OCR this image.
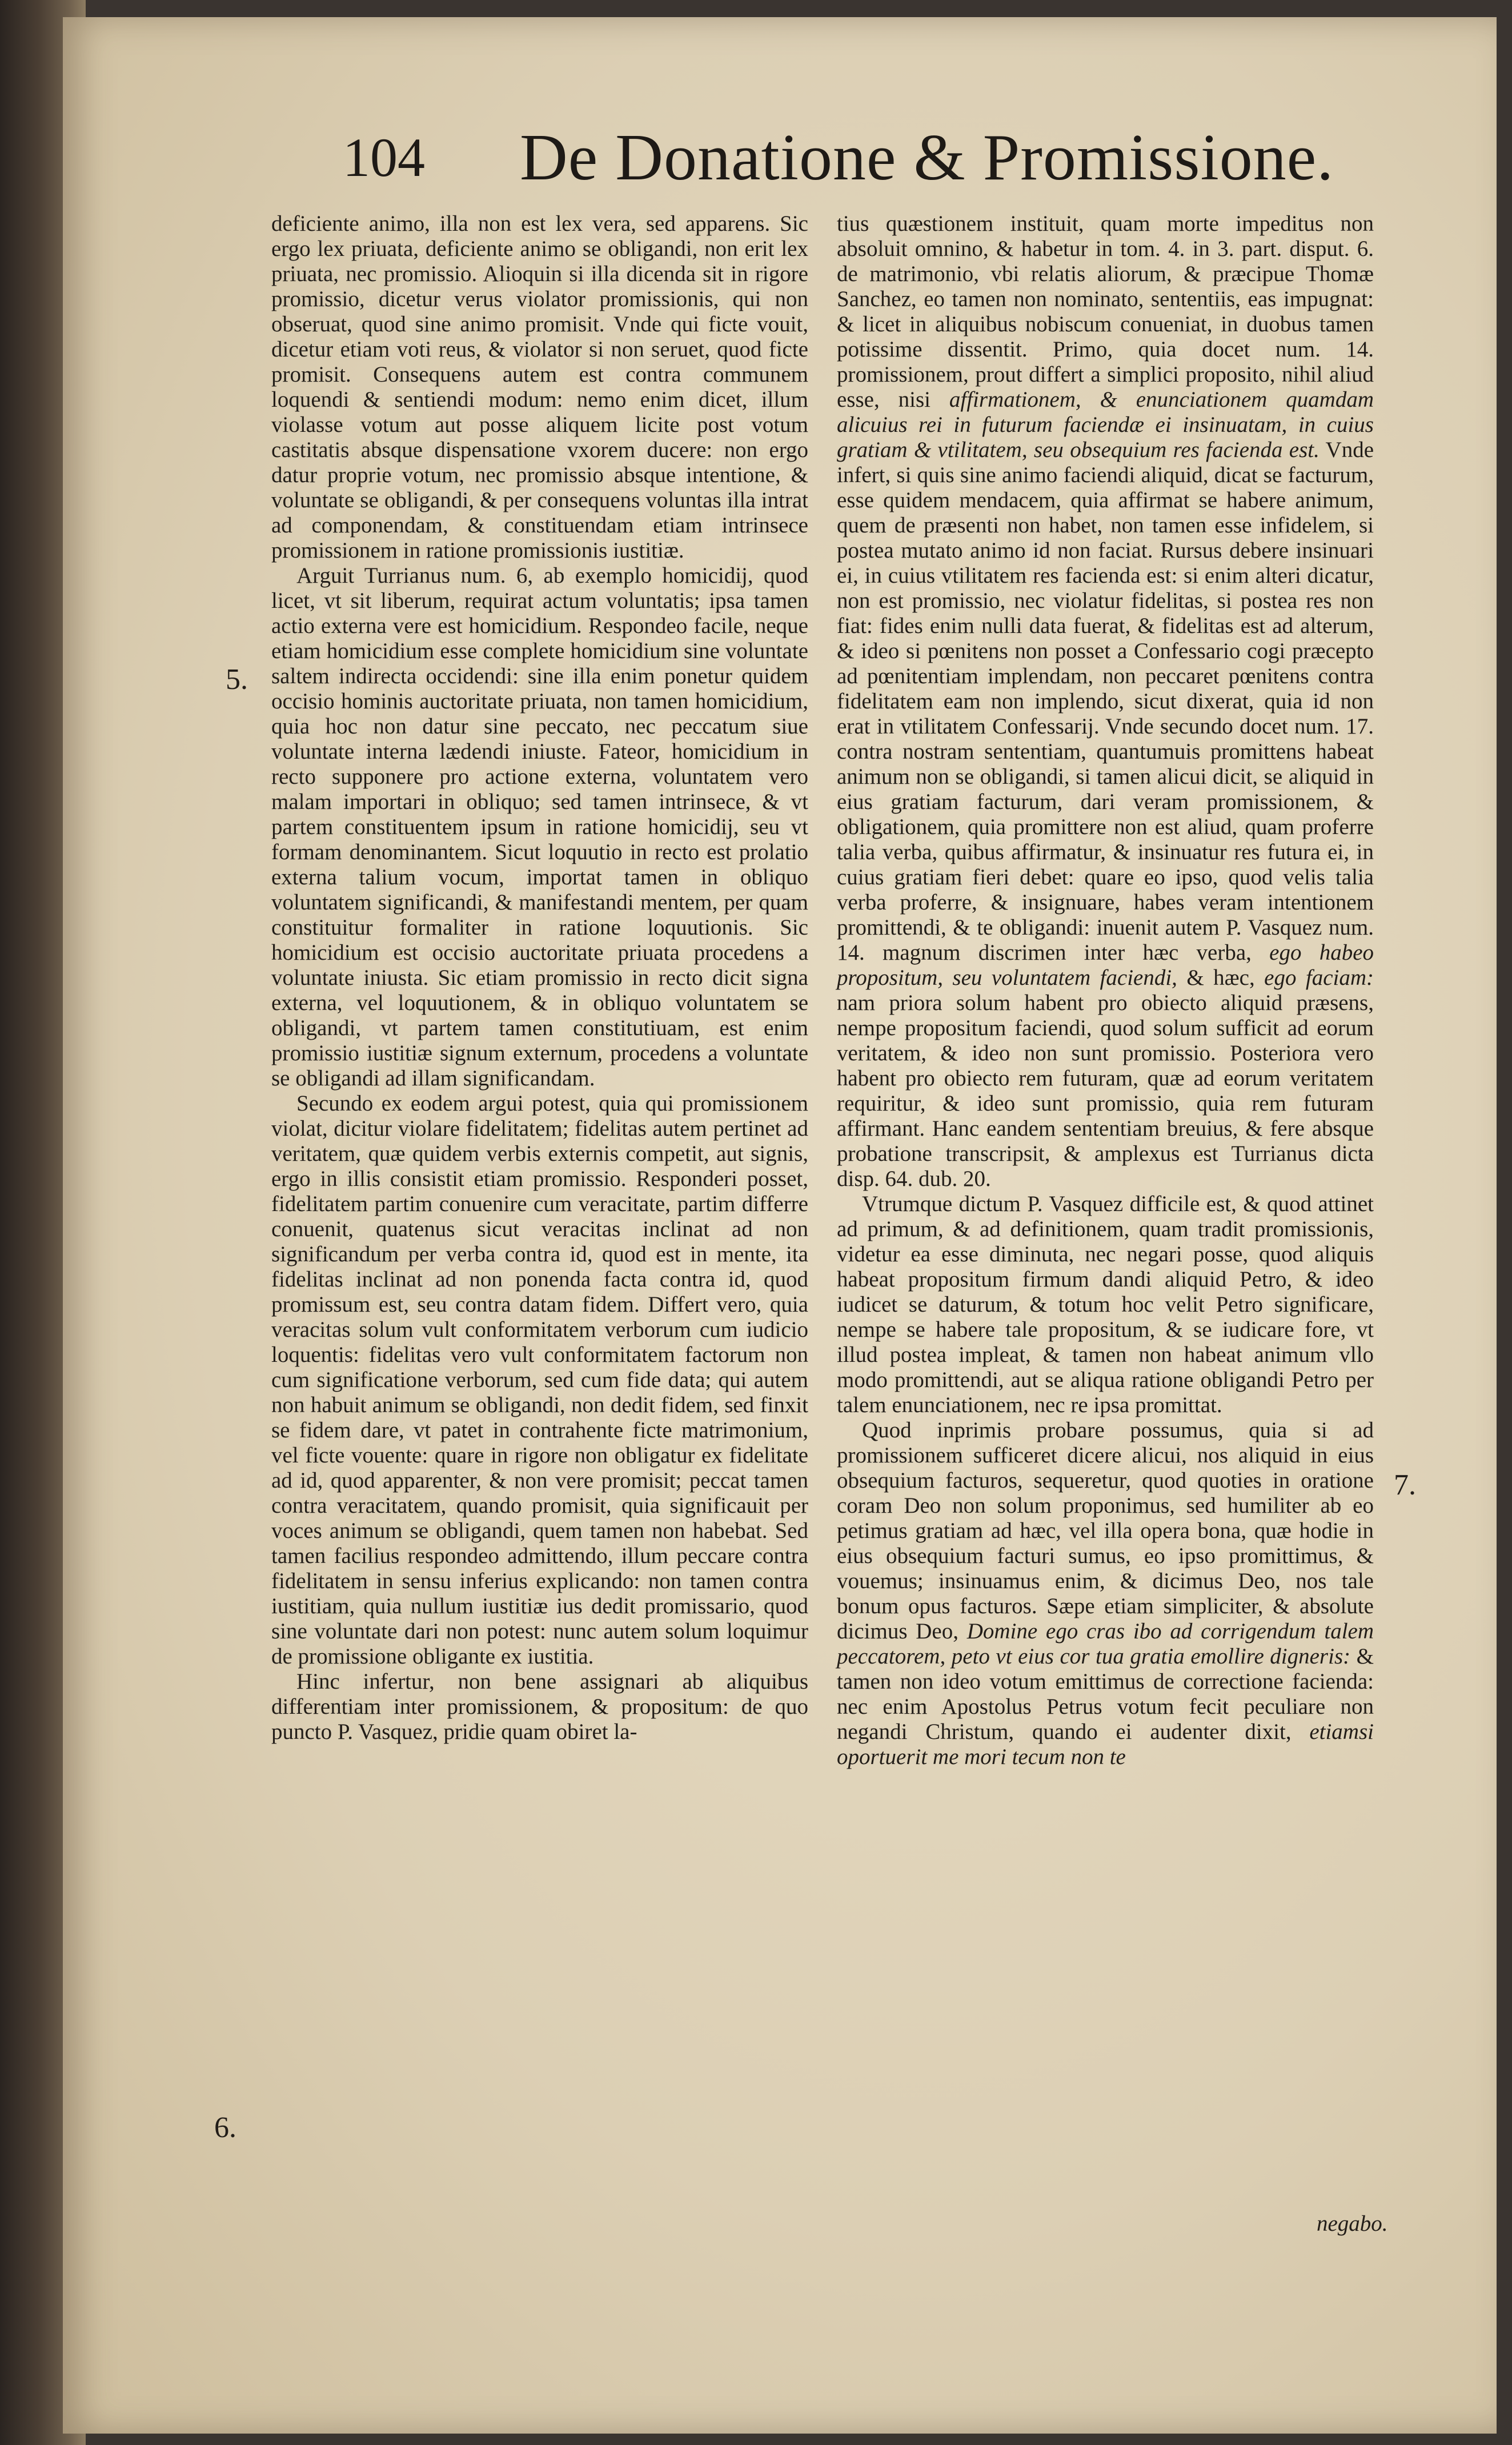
104 De Donatione & Promissione.

deficiente animo, illa non est lex vera, sed apparens. Sic ergo lex priuata, deficiente animo se obligandi, non erit lex priuata, nec promissio. Alioquin si illa dicenda sit in rigore promissio, dicetur verus violator promissionis, qui non obseruat, quod sine animo promisit. Vnde qui ficte vouit, dicetur etiam voti reus, & violator si non seruet, quod ficte promisit. Consequens autem est contra communem loquendi & sentiendi modum: nemo enim dicet, illum violasse votum aut posse aliquem licite post votum castitatis absque dispensatione vxorem ducere: non ergo datur proprie votum, nec promissio absque intentione, & voluntate se obligandi, & per consequens voluntas illa intrat ad componendam, & constituendam etiam intrinsece promissionem in ratione promissionis iustitiæ.

Arguit Turrianus num. 6, ab exemplo homicidij, quod licet, vt sit liberum, requirat actum voluntatis; ipsa tamen actio externa vere est homicidium. Respondeo facile, neque etiam homicidium esse complete homicidium sine voluntate saltem indirecta occidendi: sine illa enim ponetur quidem occisio hominis auctoritate priuata, non tamen homicidium, quia hoc non datur sine peccato, nec peccatum siue voluntate interna lædendi iniuste. Fateor, homicidium in recto supponere pro actione externa, voluntatem vero malam importari in obliquo; sed tamen intrinsece, & vt partem constituentem ipsum in ratione homicidij, seu vt formam denominantem. Sicut loquutio in recto est prolatio externa talium vocum, importat tamen in obliquo voluntatem significandi, & manifestandi mentem, per quam constituitur formaliter in ratione loquutionis. Sic homicidium est occisio auctoritate priuata procedens a voluntate iniusta. Sic etiam promissio in recto dicit signa externa, vel loquutionem, & in obliquo voluntatem se obligandi, vt partem tamen constitutiuam, est enim promissio iustitiæ signum externum, procedens a voluntate se obligandi ad illam significandam.

Secundo ex eodem argui potest, quia qui promissionem violat, dicitur violare fidelitatem; fidelitas autem pertinet ad veritatem, quæ quidem verbis externis competit, aut signis, ergo in illis consistit etiam promissio. Responderi posset, fidelitatem partim conuenire cum veracitate, partim differre conuenit, quatenus sicut veracitas inclinat ad non significandum per verba contra id, quod est in mente, ita fidelitas inclinat ad non ponenda facta contra id, quod promissum est, seu contra datam fidem. Differt vero, quia veracitas solum vult conformitatem verborum cum iudicio loquentis: fidelitas vero vult conformitatem factorum non cum significatione verborum, sed cum fide data; qui autem non habuit animum se obligandi, non dedit fidem, sed finxit se fidem dare, vt patet in contrahente ficte matrimonium, vel ficte vouente: quare in rigore non obligatur ex fidelitate ad id, quod apparenter, & non vere promisit; peccat tamen contra veracitatem, quando promisit, quia significauit per voces animum se obligandi, quem tamen non habebat. Sed tamen facilius respondeo admittendo, illum peccare contra fidelitatem in sensu inferius explicando: non tamen contra iustitiam, quia nullum iustitiæ ius dedit promissario, quod sine voluntate dari non potest: nunc autem solum loquimur de promissione obligante ex iustitia.

Hinc infertur, non bene assignari ab aliquibus differentiam inter promissionem, & propositum: de quo puncto P. Vasquez, pridie quam obiret la-

tius quæstionem instituit, quam morte impeditus non absoluit omnino, & habetur in tom. 4. in 3. part. disput. 6. de matrimonio, vbi relatis aliorum, & præcipue Thomæ Sanchez, eo tamen non nominato, sententiis, eas impugnat: & licet in aliquibus nobiscum conueniat, in duobus tamen potissime dissentit. Primo, quia docet num. 14. promissionem, prout differt a simplici proposito, nihil aliud esse, nisi affirmationem, & enunciationem quamdam alicuius rei in futurum faciendæ ei insinuatam, in cuius gratiam & vtilitatem, seu obsequium res facienda est. Vnde infert, si quis sine animo faciendi aliquid, dicat se facturum, esse quidem mendacem, quia affirmat se habere animum, quem de præsenti non habet, non tamen esse infidelem, si postea mutato animo id non faciat. Rursus debere insinuari ei, in cuius vtilitatem res facienda est: si enim alteri dicatur, non est promissio, nec violatur fidelitas, si postea res non fiat: fides enim nulli data fuerat, & fidelitas est ad alterum, & ideo si pœnitens non posset a Confessario cogi præcepto ad pœnitentiam implendam, non peccaret pœnitens contra fidelitatem eam non implendo, sicut dixerat, quia id non erat in vtilitatem Confessarij. Vnde secundo docet num. 17. contra nostram sententiam, quantumuis promittens habeat animum non se obligandi, si tamen alicui dicit, se aliquid in eius gratiam facturum, dari veram promissionem, & obligationem, quia promittere non est aliud, quam proferre talia verba, quibus affirmatur, & insinuatur res futura ei, in cuius gratiam fieri debet: quare eo ipso, quod velis talia verba proferre, & insignuare, habes veram intentionem promittendi, & te obligandi: inuenit autem P. Vasquez num. 14. magnum discrimen inter hæc verba, ego habeo propositum, seu voluntatem faciendi, & hæc, ego faciam: nam priora solum habent pro obiecto aliquid præsens, nempe propositum faciendi, quod solum sufficit ad eorum veritatem, & ideo non sunt promissio. Posteriora vero habent pro obiecto rem futuram, quæ ad eorum veritatem requiritur, & ideo sunt promissio, quia rem futuram affirmant. Hanc eandem sententiam breuius, & fere absque probatione transcripsit, & amplexus est Turrianus dicta disp. 64. dub. 20.

Vtrumque dictum P. Vasquez difficile est, & quod attinet ad primum, & ad definitionem, quam tradit promissionis, videtur ea esse diminuta, nec negari posse, quod aliquis habeat propositum firmum dandi aliquid Petro, & ideo iudicet se daturum, & totum hoc velit Petro significare, nempe se habere tale propositum, & se iudicare fore, vt illud postea impleat, & tamen non habeat animum vllo modo promittendi, aut se aliqua ratione obligandi Petro per talem enunciationem, nec re ipsa promittat.

Quod inprimis probare possumus, quia si ad promissionem sufficeret dicere alicui, nos aliquid in eius obsequium facturos, sequeretur, quod quoties in oratione coram Deo non solum proponimus, sed humiliter ab eo petimus gratiam ad hæc, vel illa opera bona, quæ hodie in eius obsequium facturi sumus, eo ipso promittimus, & vouemus; insinuamus enim, & dicimus Deo, nos tale bonum opus facturos. Sæpe etiam simpliciter, & absolute dicimus Deo, Domine ego cras ibo ad corrigendum talem peccatorem, peto vt eius cor tua gratia emollire digneris: & tamen non ideo votum emittimus de correctione facienda: nec enim Apostolus Petrus votum fecit peculiare non negandi Christum, quando ei audenter dixit, etiamsi oportuerit me mori tecum non te

negabo.
5.
6.
7.
